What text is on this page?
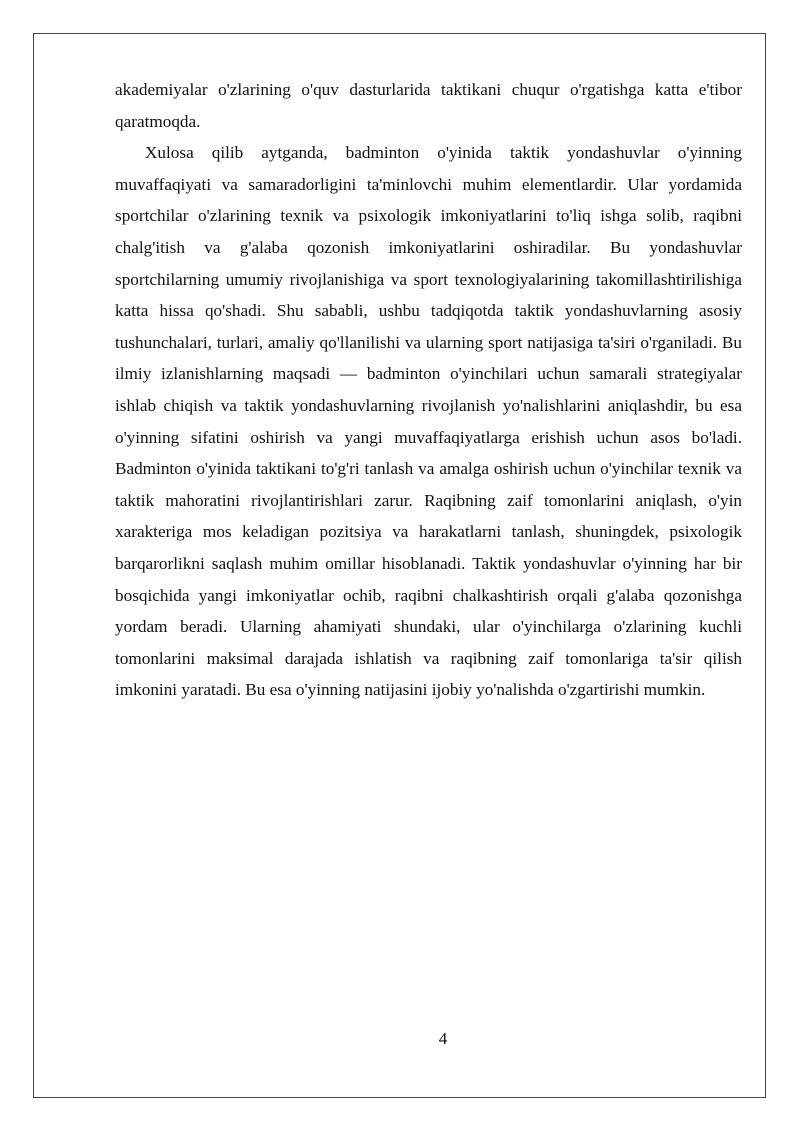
akademiyalar o'zlarining o'quv dasturlarida taktikani chuqur o'rgatishga katta e'tibor qaratmoqda.

Xulosa qilib aytganda, badminton o'yinida taktik yondashuvlar o'yinning muvaffaqiyati va samaradorligini ta'minlovchi muhim elementlardir. Ular yordamida sportchilar o'zlarining texnik va psixologik imkoniyatlarini to'liq ishga solib, raqibni chalg'itish va g'alaba qozonish imkoniyatlarini oshiradilar. Bu yondashuvlar sportchilarning umumiy rivojlanishiga va sport texnologiyalarining takomillashtirilishiga katta hissa qo'shadi. Shu sababli, ushbu tadqiqotda taktik yondashuvlarning asosiy tushunchalari, turlari, amaliy qo'llanilishi va ularning sport natijasiga ta'siri o'rganiladi. Bu ilmiy izlanishlarning maqsadi — badminton o'yinchilari uchun samarali strategiyalar ishlab chiqish va taktik yondashuvlarning rivojlanish yo'nalishlarini aniqlashdir, bu esa o'yinning sifatini oshirish va yangi muvaffaqiyatlarga erishish uchun asos bo'ladi. Badminton o'yinida taktikani to'g'ri tanlash va amalga oshirish uchun o'yinchilar texnik va taktik mahoratini rivojlantirishlari zarur. Raqibning zaif tomonlarini aniqlash, o'yin xarakteriga mos keladigan pozitsiya va harakatlarni tanlash, shuningdek, psixologik barqarorlikni saqlash muhim omillar hisoblanadi. Taktik yondashuvlar o'yinning har bir bosqichida yangi imkoniyatlar ochib, raqibni chalkashtirish orqali g'alaba qozonishga yordam beradi. Ularning ahamiyati shundaki, ular o'yinchilarga o'zlarining kuchli tomonlarini maksimal darajada ishlatish va raqibning zaif tomonlariga ta'sir qilish imkonini yaratadi. Bu esa o'yinning natijasini ijobiy yo'nalishda o'zgartirishi mumkin.

4
